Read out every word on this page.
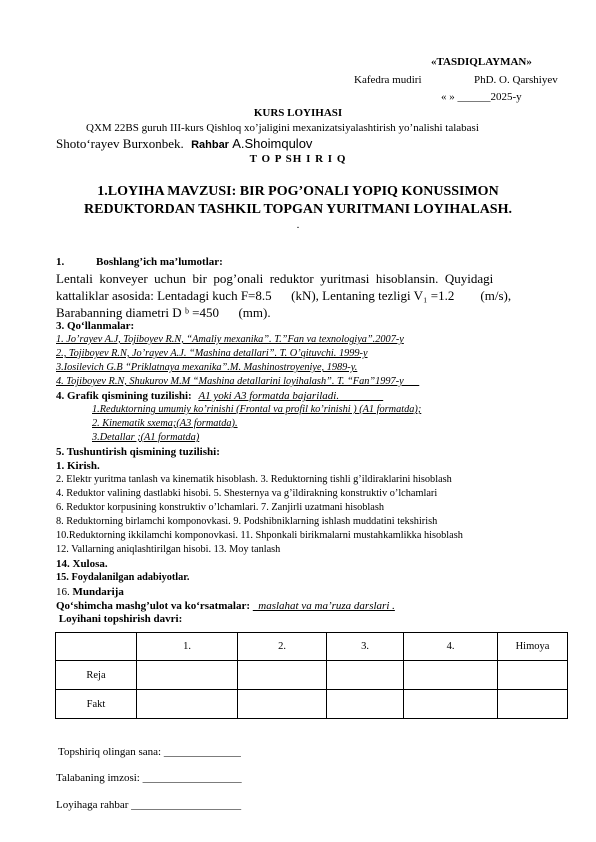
«TASDIQLAYMAN»
Kafedra mudiri	PhD. O. Qarshiyev
« » ______2025-y
KURS LOYIHASI
QXM 22BS guruh III-kurs Qishloq xo’jaligini mexanizatsiyalashtirish yo’nalishi talabasi
Shoto‘rayev Burxonbek. Rahbar A.Shoimqulov
T O P SH I R I Q
1.LOYIHA MAVZUSI: BIR POG’ONALI YOPIQ KONUSSIMON
REDUKTORDAN TASHKIL TOPGAN YURITMANI LOYIHALASH.
.
1.	Boshlang’ich ma’lumotlar:
Lentali  konveyer  uchun  bir  pog’onali  reduktor  yuritmasi  hisoblansin.  Quyidagi
kattaliklar asosida: Lentadagi kuch F=8.5      (kN), Lentaning tezligi V₁ =1.2        (m/s),
Barabanning diametri D ᵇ =450      (mm).
3. Qo‘llanmalar:
1. Jo’rayev A.J, Tojiboyev R.N, “Amaliy mexanika”. T.”Fan va texnologiya”.2007-y
2., Tojiboyev R.N, Jo’rayev A.J. “Mashina detallari”. T. O’qituvchi. 1999-y
3.Iosilevich G.B “Priklatnaya mexanika”.M. Mashinostroyeniye, 1989-y.
4. Tojiboyev R.N, Shukurov M.M “Mashina detallarini loyihalash”. T. “Fan”1997-y___
4. Grafik qismining tuzilishi: A1 yoki A3 formatda bajariladi.________
1.Reduktorning umumiy ko’rinishi (Frontal va profil ko’rinishi ) (A1 formatda);
2. Kinematik sxema;(A3 formatda).
3.Detallar ;(A1 formatda)
5. Tushuntirish qismining tuzilishi:
1. Kirish.
2. Elektr yuritma tanlash va kinematik hisoblash. 3. Reduktorning tishli g’ildiraklarini hisoblash
4. Reduktor valining dastlabki hisobi. 5. Shesternya va g’ildirakning konstruktiv o’lchamlari
6. Reduktor korpusining konstruktiv o’lchamlari. 7. Zanjirli uzatmani hisoblash
8. Reduktorning birlamchi komponovkasi. 9. Podshibniklarning ishlash muddatini tekshirish
10.Reduktorning ikkilamchi komponovkasi. 11. Shponkali birikmalarni mustahkamlikka hisoblash
12. Vallarning aniqlashtirilgan hisobi. 13. Moy tanlash
14. Xulosa.
15. Foydalanilgan adabiyotlar.
16. Mundarija
Qo‘shimcha mashg’ulot va ko‘rsatmalar:   maslahat va ma’ruza darslari .
Loyihani topshirish davri:
	1.	2.	3.	4.	Himoya
Reja					
Fakt					
Topshiriq olingan sana: ______________
Talabaning imzosi: __________________
Loyihaga rahbar ____________________
